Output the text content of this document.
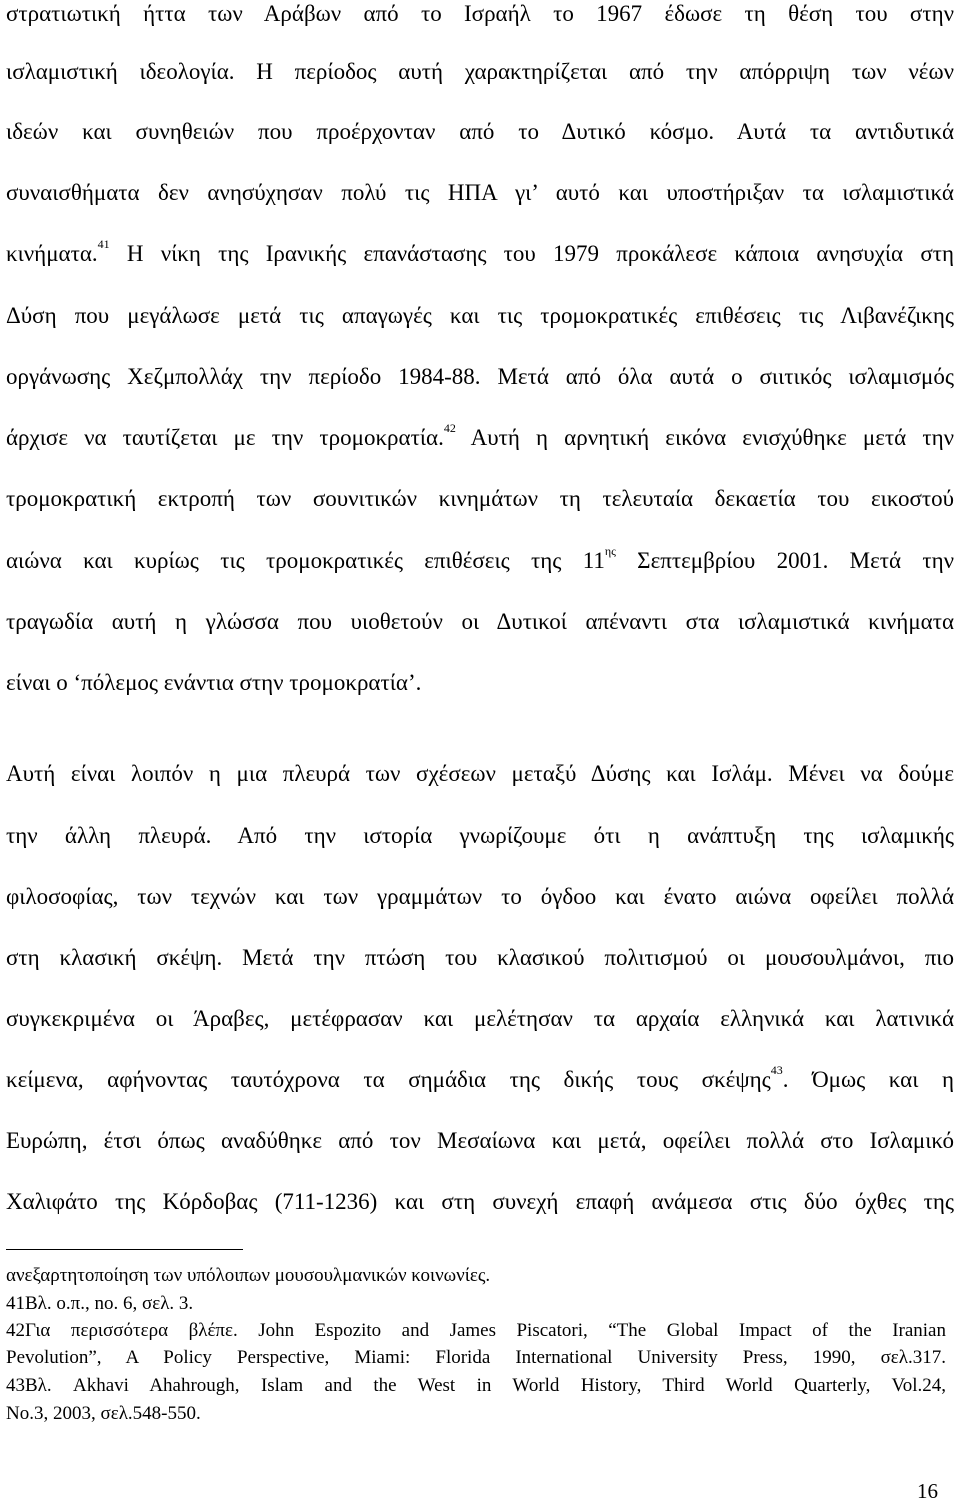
στρατιωτική ήττα των Αράβων από το Ισραήλ το 1967 έδωσε τη θέση του στην
ισλαμιστική ιδεολογία. Η περίοδος αυτή χαρακτηρίζεται από την απόρριψη των νέων
ιδεών και συνηθειών που προέρχονταν από το Δυτικό κόσμο. Αυτά τα αντιδυτικά
συναισθήματα δεν ανησύχησαν πολύ τις ΗΠΑ γι’ αυτό και υποστήριξαν τα ισλαμιστικά
κινήματα.$^{41}$ Η νίκη της Ιρανικής επανάστασης του 1979 προκάλεσε κάποια ανησυχία στη
Δύση που μεγάλωσε μετά τις απαγωγές και τις τρομοκρατικές επιθέσεις τις Λιβανέζικης
οργάνωσης Χεζμπολλάχ την περίοδο 1984-88. Μετά από όλα αυτά ο σιιτικός ισλαμισμός
άρχισε να ταυτίζεται με την τρομοκρατία.$^{42}$ Αυτή η αρνητική εικόνα ενισχύθηκε μετά την
τρομοκρατική εκτροπή των σουνιτικών κινημάτων τη τελευταία δεκαετία του εικοστού
αιώνα και κυρίως τις τρομοκρατικές επιθέσεις της $11^{\eta\varsigma}$ Σεπτεμβρίου 2001. Μετά την
τραγωδία αυτή η γλώσσα που υιοθετούν οι Δυτικοί απέναντι στα ισλαμιστικά κινήματα
είναι ο ‘πόλεμος ενάντια στην τρομοκρατία’.
Αυτή είναι λοιπόν η μια πλευρά των σχέσεων μεταξύ Δύσης και Ισλάμ. Μένει να δούμε
την άλλη πλευρά. Από την ιστορία γνωρίζουμε ότι η ανάπτυξη της ισλαμικής
φιλοσοφίας, των τεχνών και των γραμμάτων το όγδοο και ένατο αιώνα οφείλει πολλά
στη κλασική σκέψη. Μετά την πτώση του κλασικού πολιτισμού οι μουσουλμάνοι, πιο
συγκεκριμένα οι Άραβες, μετέφρασαν και μελέτησαν τα αρχαία ελληνικά και λατινικά
κείμενα, αφήνοντας ταυτόχρονα τα σημάδια της δικής τους σκέψης$^{43}$. Όμως και η
Ευρώπη, έτσι όπως αναδύθηκε από τον Μεσαίωνα και μετά, οφείλει πολλά στο Ισλαμικό
Χαλιφάτο της Κόρδοβας (711-1236) και στη συνεχή επαφή ανάμεσα στις δύο όχθες της
ανεξαρτητοποίηση των υπόλοιπων μουσουλμανικών κοινωνίες.
41Βλ. ο.π., no. 6, σελ. 3.
42Για περισσότερα βλέπε. John Espozito and James Piscatori, “The Global Impact of the Iranian
Pevolution”, A Policy Perspective, Miami: Florida International University Press, 1990, σελ.317.
43Βλ. Akhavi Ahahrough, Islam and the West in World History, Third World Quarterly, Vol.24,
No.3, 2003, σελ.548-550.
16
